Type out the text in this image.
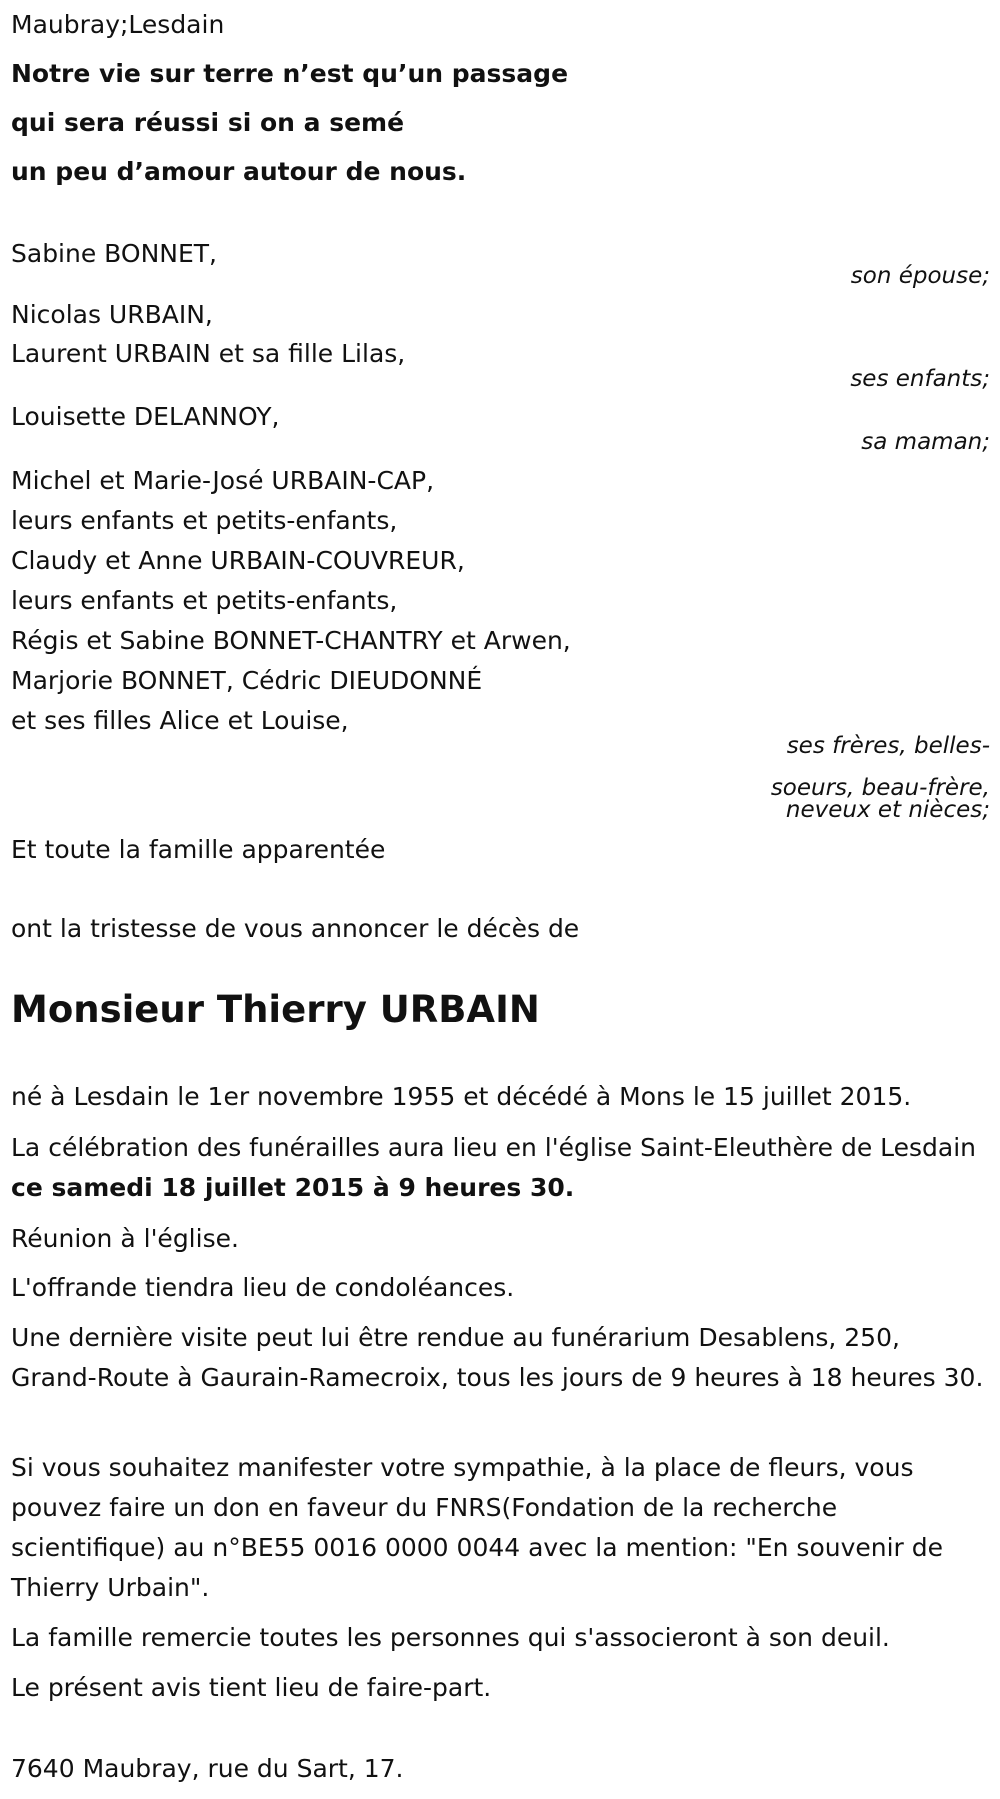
Maubray;Lesdain
Notre vie sur terre n’est qu’un passage
qui sera réussi si on a semé
un peu d’amour autour de nous.
Sabine BONNET,
son épouse;
Nicolas URBAIN,
Laurent URBAIN et sa fille Lilas,
ses enfants;
Louisette DELANNOY,
sa maman;
Michel et Marie-José URBAIN-CAP,
leurs enfants et petits-enfants,
Claudy et Anne URBAIN-COUVREUR,
leurs enfants et petits-enfants,
Régis et Sabine BONNET-CHANTRY et Arwen,
Marjorie BONNET, Cédric DIEUDONNÉ
et ses filles Alice et Louise,
ses frères, belles-
soeurs, beau-frère,
neveux et nièces;
Et toute la famille apparentée
ont la tristesse de vous annoncer le décès de
Monsieur Thierry URBAIN
né à Lesdain le 1er novembre 1955 et décédé à Mons le 15 juillet 2015.
La célébration des funérailles aura lieu en l'église Saint-Eleuthère de Lesdain ce samedi 18 juillet 2015 à 9 heures 30.
Réunion à l'église.
L'offrande tiendra lieu de condoléances.
Une dernière visite peut lui être rendue au funérarium Desablens, 250, Grand-Route à Gaurain-Ramecroix, tous les jours de 9 heures à 18 heures 30.
Si vous souhaitez manifester votre sympathie, à la place de fleurs, vous pouvez faire un don en faveur du FNRS(Fondation de la recherche scientifique) au n°BE55 0016 0000 0044 avec la mention: "En souvenir de Thierry Urbain".
La famille remercie toutes les personnes qui s'associeront à son deuil.
Le présent avis tient lieu de faire-part.
7640 Maubray, rue du Sart, 17.
